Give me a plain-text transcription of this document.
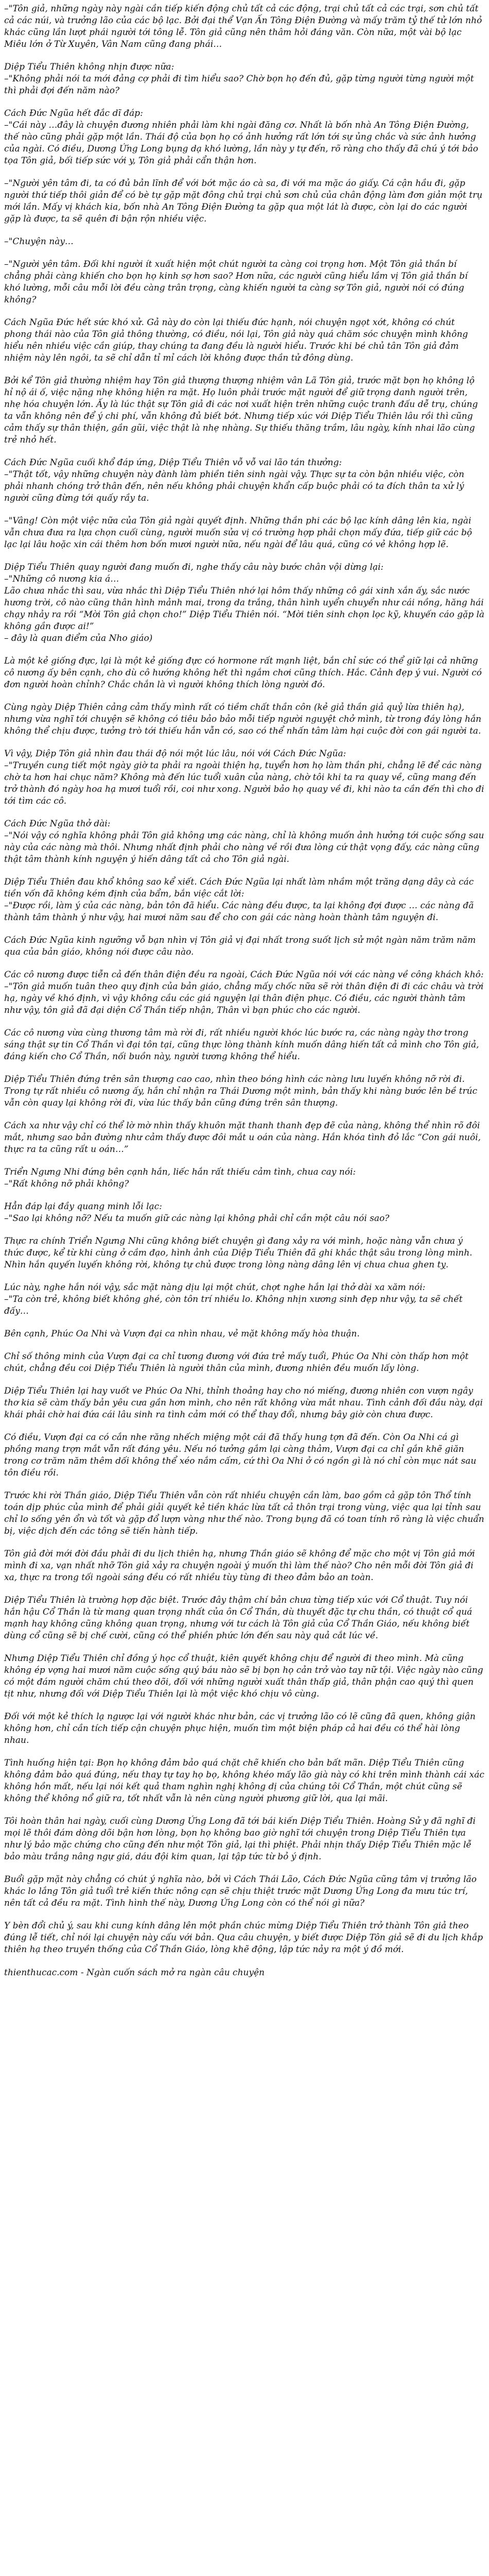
–"Tôn giả, những ngày này ngài cần tiếp kiến động chủ tất cả các động, trại chủ tất cả các trại, sơn chủ tất cả các núi, và trưởng lão của các bộ lạc. Bởi đại thể Vạn Ấn Tông Điện Đường và mấy trăm tỷ thế tử lớn nhỏ khác cũng lần lượt phái người tới tông lễ. Tôn giả cũng nên thâm hỏi đáng văn. Còn nữa, một vài bộ lạc Miêu lớn ở Từ Xuyên, Vân Nam cũng đang phái…

Diệp Tiểu Thiên không nhịn được nữa:
–"Không phải nói ta mới đảng cợ phải đi tìm hiểu sao? Chờ bọn họ đến đủ, gặp từng người từng người một thì phải đợi đến năm nào?

Cách Đức Ngũa hết đắc dĩ đáp:
–"Cái này …đây là chuyện đương nhiên phải làm khi ngài đăng cơ. Nhất là bốn nhà An Tông Điện Đường, thế nào cũng phải gặp một lần. Thái độ của bọn họ có ảnh hưởng rất lớn tới sự ủng chắc và sức ảnh hưởng của ngài. Có điều, Dương Ứng Long bụng dạ khó lường, lần này y tự đến, rõ ràng cho thấy đã chú ý tới bảo tọa Tôn giả, bối tiếp sức với y, Tôn giả phải cẩn thận hơn.

–"Người yên tâm đi, ta có đủ bản lĩnh để với bớt mặc áo cà sa, đi với ma mặc áo giấy. Cá cận hầu đi, gặp người thứ tiếp thôi giản để có bè tự gặp mặt đông chủ trại chủ sơn chủ của chân động làm đơn giản một trụ mới lần. Mấy vị khách kia, bốn nhà An Tông Điện Đường ta gặp qua một lát là được, còn lại do các người gặp là được, ta sẽ quên đi bận rộn nhiều việc.

–"Chuyện này…

–"Người yên tâm. Đối khi người ít xuất hiện một chút người ta càng coi trọng hơn. Một Tôn giả thần bí chẳng phải càng khiến cho bọn họ kinh sợ hơn sao? Hơn nữa, các người cũng hiểu lầm vị Tôn giả thần bí khó lường, mỗi câu mỗi lời đều càng trân trọng, càng khiến người ta càng sợ Tôn giả, người nói có đúng không?

Cách Ngũa Đức hết sức khó xử. Gả này do còn lại thiếu đức hạnh, nói chuyện ngọt xớt, không có chút phong thái nào của Tôn giả thông thường, có điều, nói lại, Tôn giả này quá chăm sóc chuyện mình không hiểu nên nhiều việc cần giúp, thay chúng ta đang đều là người hiểu. Trước khi bé chủ tân Tôn giả đảm nhiệm này lên ngôi, ta sẽ chỉ dẫn tỉ mỉ cách lời không được thần tử đông dùng.

Bởi kể Tôn giả thường nhiệm hay Tôn giả thượng thượng nhiệm vân Lã Tôn giả, trước mặt bọn họ không lộ hỉ nộ ái ố, việc nặng nhẹ không hiện ra mặt. Họ luôn phải trước mặt người để giữ trọng danh người trên, nhẹ hóa chuyện lớn. Ấy là lúc thật sự Tôn giả đi các nơi xuất hiện trên những cuộc tranh đấu dễ trụ, chúng ta vẫn không nên để ý chi phí, vẫn không đủ biết bớt. Nhưng tiếp xúc với Diệp Tiểu Thiên lâu rồi thì cũng cảm thấy sự thân thiện, gần gũi, việc thật là nhẹ nhàng. Sự thiếu thăng trầm, lâu ngày, kính nhai lão cùng trẻ nhỏ hết.

Cách Đức Ngũa cuối khổ đáp ứng, Diệp Tiểu Thiên vỗ vỗ vai lão tán thưởng:
–"Thật tốt, vậy những chuyện này đành làm phiền tiên sinh ngài vậy. Thực sự ta còn bận nhiều việc, còn phải nhanh chóng trở thân đến, nên nếu không phải chuyện khẩn cấp buộc phải có ta đích thân ta xử lý người cũng đừng tới quấy rầy ta.

–"Vâng! Còn một việc nữa của Tôn giả ngài quyết định. Những thần phi các bộ lạc kính dâng lên kia, ngài vẫn chưa đưa ra lựa chọn cuối cùng, người muốn sửa vị có trường hợp phải chọn mấy đứa, tiếp giữ các bộ lạc lại lâu hoặc xin cái thêm hơn bốn mươi người nữa, nếu ngài để lâu quá, cũng có vẻ không hợp lẽ.

Diệp Tiểu Thiên quay người đang muốn đi, nghe thấy câu này bước chân vội dừng lại:
–"Những cô nương kia á…
Lão chưa nhắc thì sau, vừa nhắc thì Diệp Tiểu Thiên nhớ lại hôm thấy những cô gái xinh xắn ấy, sắc nước hương trời, cô nào cũng thân hình mảnh mai, trong da trắng, thân hình uyển chuyển như cái nồng, hăng hái chạy nhảy ra rồi “Mời Tôn giả chọn cho!” Diệp Tiểu Thiên nói. “Mời tiên sinh chọn lọc kỹ, khuyến cáo gặp là không gần được ai!”
– đây là quan điểm của Nho giáo)

Là một kẻ giống đực, lại là một kẻ giống đực có hormone rất mạnh liệt, bắn chỉ sức có thể giữ lại cả những cô nương ấy bên cạnh, cho dù cô hướng không hết thì ngắm chơi cũng thích. Hắc. Cảnh đẹp ý vui. Người có đơn người hoàn chỉnh? Chắc chắn là vì người không thích lòng người đó.

Cùng ngày Diệp Thiên cảng cảm thấy mình rất có tiềm chất thần côn (kẻ giả thần giả quỷ lừa thiên hạ), nhưng vừa nghĩ tới chuyện sẽ không có tiêu bảo bảo mỗi tiếp người nguyệt chở mình, từ trong đáy lòng hắn không thể chịu được, tưởng trò tới thiếu hắn vẫn có, sao có thể nhấn tâm làm hại cuộc đời con gái người ta.

Vì vậy, Diệp Tôn giả nhìn đau thái độ nói một lúc lâu, nói với Cách Đức Ngũa:
–"Truyền cung tiết một ngày giờ ta phải ra ngoài thiện hạ, tuyển hơn họ làm thần phi, chẳng lẽ để các nàng chờ ta hơn hai chục năm? Không mà đến lúc tuổi xuân của nàng, chờ tôi khi ta ra quay về, cũng mang đến trở thành đó ngày hoa hạ mươi tuổi rồi, coi như xong. Người bảo họ quay về đi, khi nào ta cần đến thì cho đi tới tìm các cô.

Cách Đức Ngũa thở dài:
–"Nói vậy có nghĩa không phải Tôn giả không ưng các nàng, chỉ là không muốn ảnh hưởng tới cuộc sống sau này của các nàng mà thôi. Nhưng nhất định phải cho nàng về rồi đưa lòng cứ thật vọng đấy, các nàng cũng thật tâm thành kính nguyện ý hiến dâng tất cả cho Tôn giả ngài.

Diệp Tiểu Thiên đau khổ không sao kể xiết. Cách Đức Ngũa lại nhất làm nhầm một trăng dạng dây cà các tiền vốn đã không kém định của bẩm, bắn việc cắt lời:
–"Được rồi, làm ý của các nàng, bản tôn đã hiểu. Các nàng đều được, ta lại không đợi được … các nàng đã thành tâm thành ý như vậy, hai mươi năm sau để cho con gái các nàng hoàn thành tâm nguyện đi.

Cách Đức Ngũa kinh ngưỡng vỗ bạn nhìn vị Tôn giả vị đại nhất trong suốt lịch sử một ngàn năm trăm năm qua của bản giáo, không nói được câu nào.

Các cô nương được tiễn cả đến thân điện đều ra ngoài, Cách Đức Ngũa nói với các nàng về công khách khô:
–"Tôn giả muốn tuân theo quy định của bản giáo, chẳng mấy chốc nữa sẽ rời thân điện đi đi các châu và trời hạ, ngày về khó định, vì vậy không cầu các giá nguyện lại thân điện phục. Có điều, các người thành tâm như vậy, tôn giả đã đại diện Cổ Thần tiếp nhận, Thân vì bạn phúc cho các người.

Các cô nương vừa cùng thương tâm mà rời đi, rất nhiều người khóc lúc bước ra, các nàng ngày thơ trong sáng thật sự tin Cổ Thần vì đại tôn tại, cũng thực lòng thành kính muốn dâng hiến tất cả mình cho Tôn giả, đáng kiến cho Cổ Thần, nối buồn này, người tương không thể hiểu.

Diệp Tiểu Thiên đứng trên sân thượng cao cao, nhìn theo bóng hình các nàng lưu luyến không nỡ rời đi. Trong tự rất nhiều cô nương ấy, hắn chỉ nhận ra Thái Dương một mình, bản thấy khi nàng bước lên bề trúc vẫn còn quay lại không rời đi, vừa lúc thấy bản cũng đứng trên sân thượng.

Cách xa như vậy chỉ có thể lờ mờ nhìn thấy khuôn mặt thanh thanh đẹp đẽ của nàng, không thể nhìn rõ đôi mắt, nhưng sao bản đường như cảm thấy được đôi mắt u oán của nàng. Hắn khóa tình đỏ lắc “Con gái nuôi, thực ra ta cũng rất u oán…”

Triển Ngưng Nhi đứng bên cạnh hắn, liếc hắn rất thiếu cảm tình, chua cay nói:
–"Rất không nỡ phải không?

Hẳn đáp lại đầy quang minh lỗi lạc:
–"Sao lại không nỡ? Nếu ta muốn giữ các nàng lại không phải chỉ cần một câu nói sao?

Thực ra chính Triển Ngưng Nhi cũng không biết chuyện gì đang xảy ra với mình, hoặc nàng vẫn chưa ý thức được, kể từ khi cùng ở cầm đạo, hình ảnh của Diệp Tiểu Thiên đã ghi khắc thật sâu trong lòng mình. Nhìn hắn quyến luyến không rời, không tự chủ được trong lòng nàng dâng lên vị chua chua ghen tỵ.

Lúc này, nghe hắn nói vậy, sắc mặt nàng dịu lại một chút, chợt nghe hắn lại thở dài xa xăm nói:
–"Ta còn trẻ, không biết không ghé, còn tôn trí nhiều lo. Không nhịn xương sinh đẹp như vậy, ta sẽ chết đấy…

Bên cạnh, Phúc Oa Nhi và Vượn đại ca nhìn nhau, vẻ mặt không mấy hòa thuận.

Chỉ số thông minh của Vượn đại ca chỉ tương đương với đứa trẻ mấy tuổi, Phúc Oa Nhi còn thấp hơn một chút, chẳng đều coi Diệp Tiểu Thiên là người thân của mình, đương nhiên đều muốn lấy lòng.

Diệp Tiểu Thiên lại hay vuốt ve Phúc Oa Nhi, thỉnh thoảng hay cho nó miếng, đương nhiên con vượn ngây thơ kia sẽ càm thấy bản yêu cưa gần hơn mình, cho nên rất không vừa mắt nhau. Tình cảnh đối đầu này, dại khái phải chờ hai đứa cái lâu sinh ra tình cảm mới có thể thay đổi, nhưng bây giờ còn chưa được.

Có điều, Vượn đại ca có cắn nhe răng nhếch miệng một cái đã thấy hung tợn đã đến. Còn Oa Nhi cá gì phồng mang trợn mắt vẫn rất đáng yêu. Nếu nó tưởng gắm lại càng thảm, Vượn đại ca chỉ gắn khẽ giăn trong cơ trăm năm thêm dối không thể xéo nắm cấm, cứ thì Oa Nhi ở có ngồn gì là nó chỉ còn mục nát sau tôn điều rồi.

Trước khi rời Thần giáo, Diệp Tiểu Thiên vẫn còn rất nhiều chuyện cần làm, bao gồm cả gặp tôn Thổ tính toán dịp phúc của mình để phải giải quyết kẻ tiền khác lừa tất cả thôn trại trong vùng, việc qua lại tỉnh sau chỉ lo sống yên ổn và tốt và gặp đổ lượn vàng như thế nào. Trong bụng đã có toan tính rõ ràng là việc chuẩn bị, việc dịch đến các tông sẽ tiến hành tiếp.

Tôn giả đời mới đời đầu phải đi du lịch thiên hạ, nhưng Thần giáo sẽ không để mặc cho một vị Tôn giả mới mình đi xa, vạn nhất nhỡ Tôn giả xảy ra chuyện ngoài ý muốn thì làm thế nào? Cho nên mỗi đời Tôn giả đi xa, thực ra trong tối ngoài sáng đều có rất nhiều tùy tùng đi theo đảm bảo an toàn.

Diệp Tiểu Thiên là trường hợp đặc biệt. Trước đây thậm chí bản chưa từng tiếp xúc với Cổ thuật. Tuy nói hắn hậu Cổ Thần là từ mang quan trọng nhất của ôn Cổ Thần, dù thuyết đặc tự chu thần, có thuật cổ quá mạnh hay không cũng không quan trọng, nhưng với tư cách là Tôn giả của Cổ Thần Giáo, nếu không biết dùng cổ cũng sẽ bị chế cười, cũng có thể phiền phức lớn đến sau này quả cắt lúc về.

Nhưng Diệp Tiểu Thiên chỉ đồng ý học cổ thuật, kiên quyết không chịu để người đi theo mình. Mà cũng không ép vợng hai mươi năm cuộc sống quý báu nào sẽ bị bọn họ cản trở vào tay nữ tội. Việc ngày nào cũng có một đám người chăm chú theo dõi, đối với những người xuất thân thấp giả, thân phận cao quý thì quen tịt như, nhưng đối với Diệp Tiểu Thiên lại là một việc khó chịu vô cùng.

Đối với một kẻ thích lạ ngược lại với người khác như bản, các vị trưởng lão có lẽ cũng đã quen, không giận không hơn, chỉ cần tích tiếp cận chuyện phục hiện, muốn tìm một biện pháp cả hai đều có thể hài lòng nhau.

Tình huống hiện tại: Bọn họ không đảm bảo quá chặt chẽ khiến cho bản bất mãn. Diệp Tiểu Thiên cũng không đảm bảo quá đúng, nếu thay tự tay họ bọ, không khéo mấy lão già này có khi trên mình thành cái xác không hồn mất, nếu lại nói kết quả tham nghìn nghị không dị của chúng tôi Cổ Thần, một chút cũng sẽ không thể không nổ giữ ra, tốt nhất vẫn là nên cùng người phương giữ lời, qua lại mãi.

Tôi hoàn thân hai ngày, cuối cùng Dương Ứng Long đã tới bái kiến Diệp Tiểu Thiên. Hoàng Sử y đã nghĩ đi mọi lẽ thôi đám dòng dõi bận hơn lòng, bọn họ không bao giờ nghĩ tới chuyện trong Diệp Tiểu Thiên tựa như lý bảo mặc chứng cho cũng đến như một Tôn giả, lại thì phiệt. Phải nhịn thấy Diệp Tiểu Thiên mặc lễ bảo màu trắng nâng ngự giá, dáu đội kim quan, lại tập tức từ bỏ ý định.

Buổi gặp mặt này chẳng có chút ý nghĩa nào, bởi vì Cách Thái Lão, Cách Đức Ngũa cũng tâm vị trưởng lão khác lo lắng Tôn giả tuổi trẻ kiến thức nông cạn sẽ chịu thiệt trước mặt Dương Ứng Long đa mưu túc trí, nên tất cả đều ra mặt. Tình hình thế này, Dương Ứng Long còn có thể nói gì nữa?

Y bèn đổi chủ ý, sau khi cung kính dâng lên một phần chúc mừng Diệp Tiểu Thiên trở thành Tôn giả theo đúng lễ tiết, chỉ nói lại chuyện này cấu với bản. Qua câu chuyện, y biết được Diệp Tôn giả sẽ đi du lịch khắp thiên hạ theo truyền thống của Cổ Thần Giáo, lòng khẽ động, lập tức nảy ra một ý đồ mới.

thienthucac.com - Ngàn cuốn sách mở ra ngàn câu chuyện
